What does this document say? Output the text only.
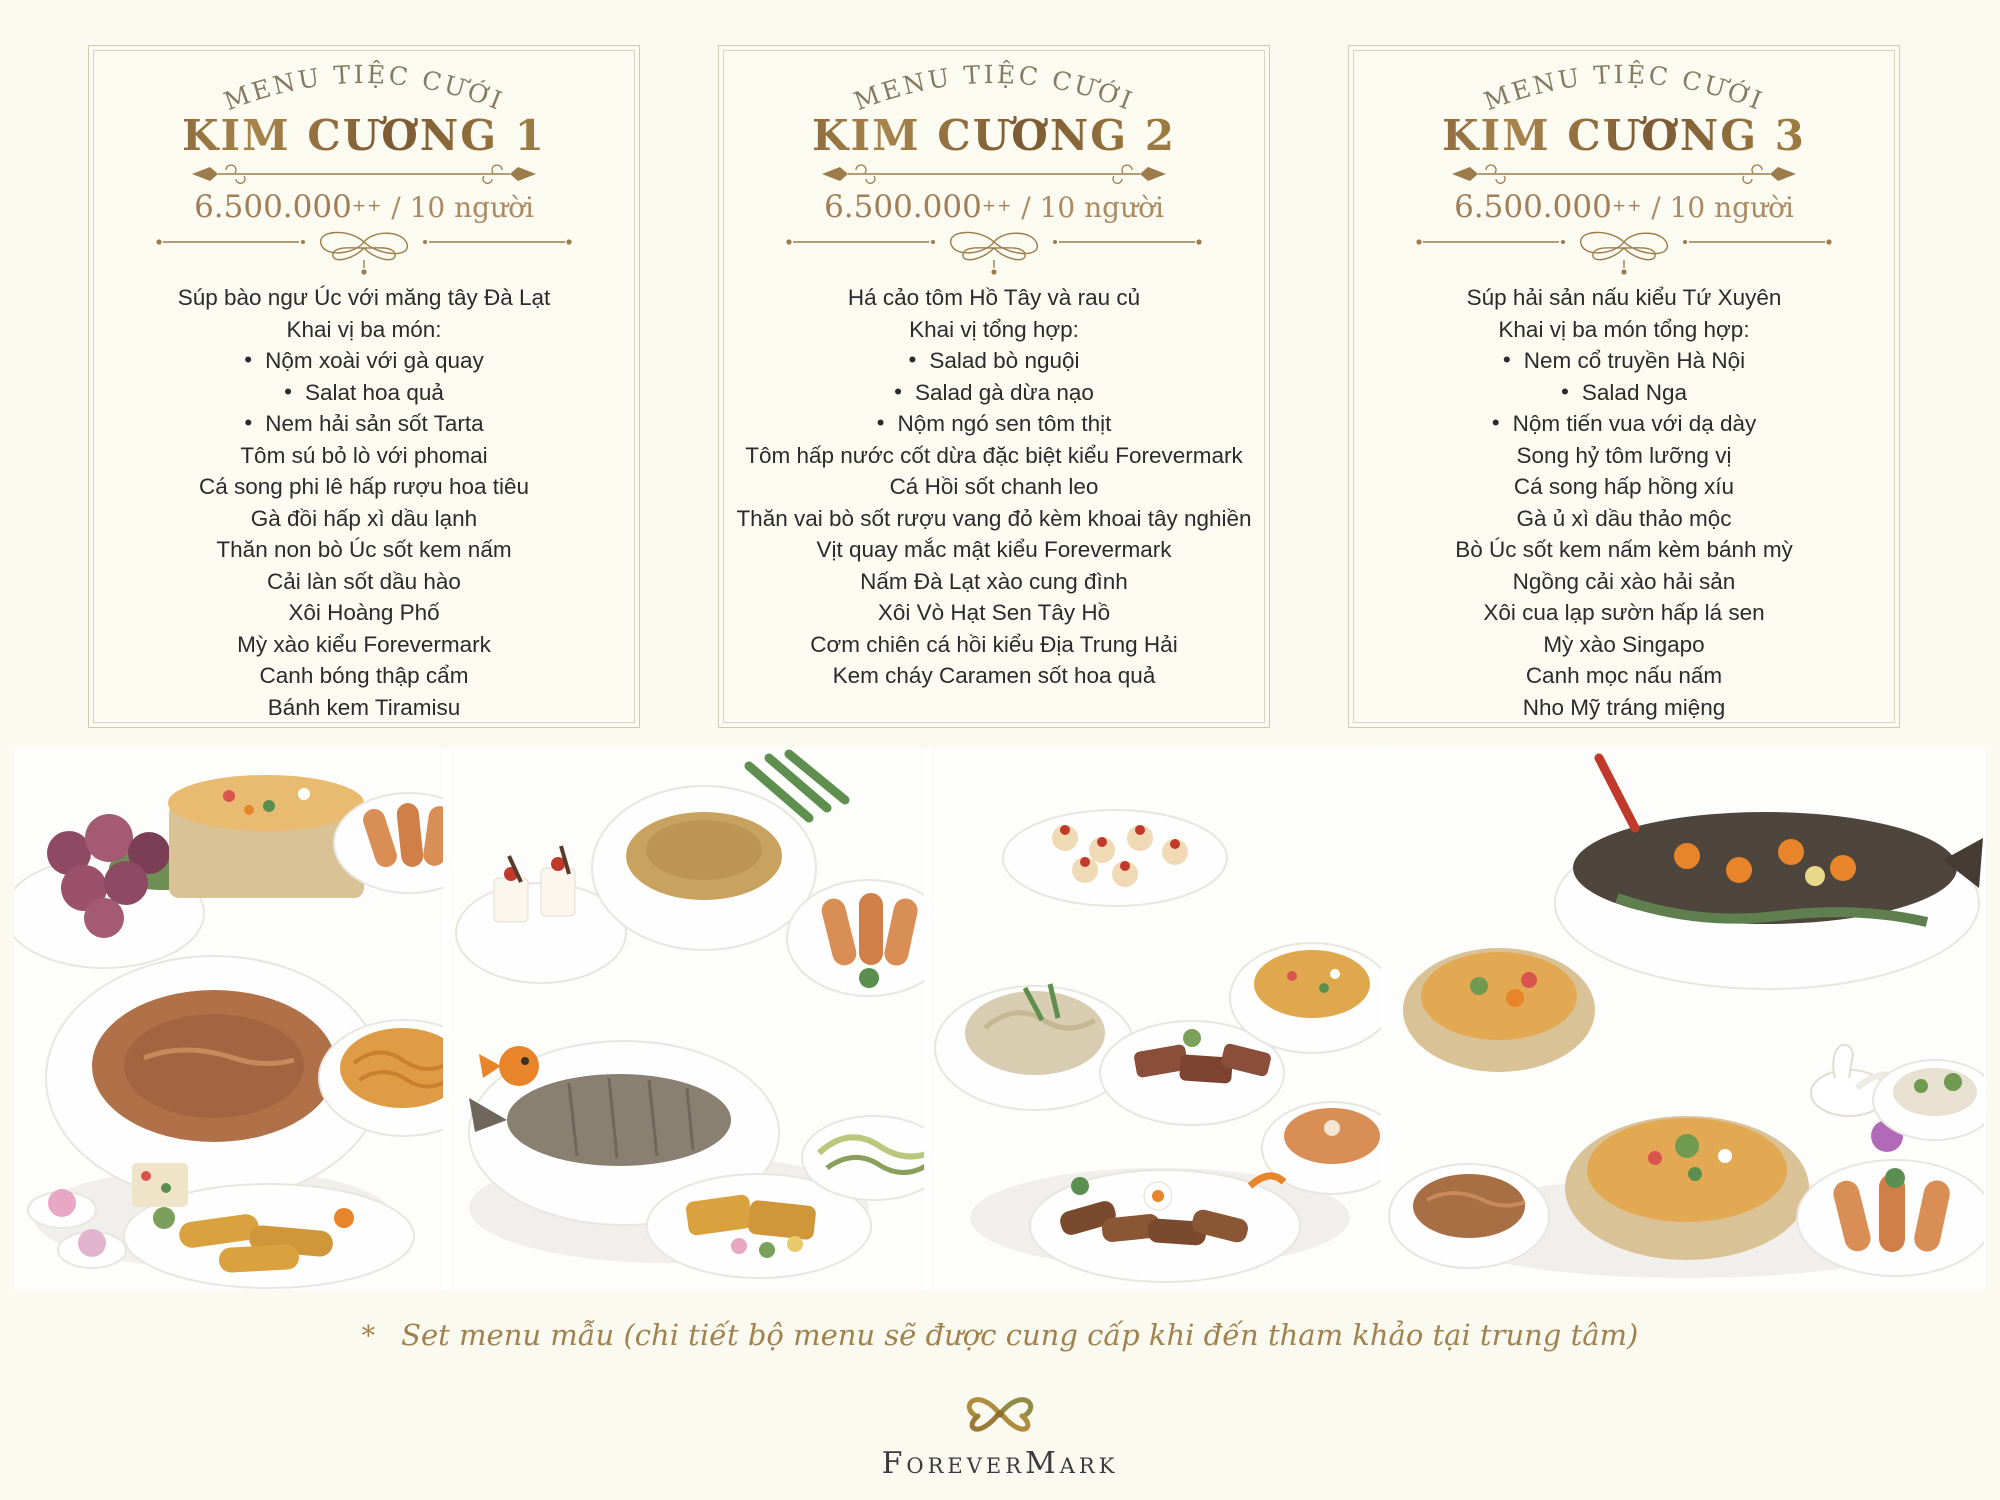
MENU TIỆC CƯỚI
KIM CƯƠNG 1
6.500.000++ / 10 người
Súp bào ngư Úc với măng tây Đà Lạt
Khai vị ba món:
• Nộm xoài với gà quay
• Salat hoa quả
• Nem hải sản sốt Tarta
Tôm sú bỏ lò với phomai
Cá song phi lê hấp rượu hoa tiêu
Gà đồi hấp xì dầu lạnh
Thăn non bò Úc sốt kem nấm
Cải làn sốt dầu hào
Xôi Hoàng Phố
Mỳ xào kiểu Forevermark
Canh bóng thập cẩm
Bánh kem Tiramisu
MENU TIỆC CƯỚI
KIM CƯƠNG 2
6.500.000++ / 10 người
Há cảo tôm Hồ Tây và rau củ
Khai vị tổng hợp:
• Salad bò nguội
• Salad gà dừa nạo
• Nộm ngó sen tôm thịt
Tôm hấp nước cốt dừa đặc biệt kiểu Forevermark
Cá Hồi sốt chanh leo
Thăn vai bò sốt rượu vang đỏ kèm khoai tây nghiền
Vịt quay mắc mật kiểu Forevermark
Nấm Đà Lạt xào cung đình
Xôi Vò Hạt Sen Tây Hồ
Cơm chiên cá hồi kiểu Địa Trung Hải
Kem cháy Caramen sốt hoa quả
MENU TIỆC CƯỚI
KIM CƯƠNG 3
6.500.000++ / 10 người
Súp hải sản nấu kiểu Tứ Xuyên
Khai vị ba món tổng hợp:
• Nem cổ truyền Hà Nội
• Salad Nga
• Nộm tiến vua với dạ dày
Song hỷ tôm lưỡng vị
Cá song hấp hồng xíu
Gà ủ xì dầu thảo mộc
Bò Úc sốt kem nấm kèm bánh mỳ
Ngồng cải xào hải sản
Xôi cua lạp sườn hấp lá sen
Mỳ xào Singapo
Canh mọc nấu nấm
Nho Mỹ tráng miệng
* Set menu mẫu (chi tiết bộ menu sẽ được cung cấp khi đến tham khảo tại trung tâm)
ForeverMark
